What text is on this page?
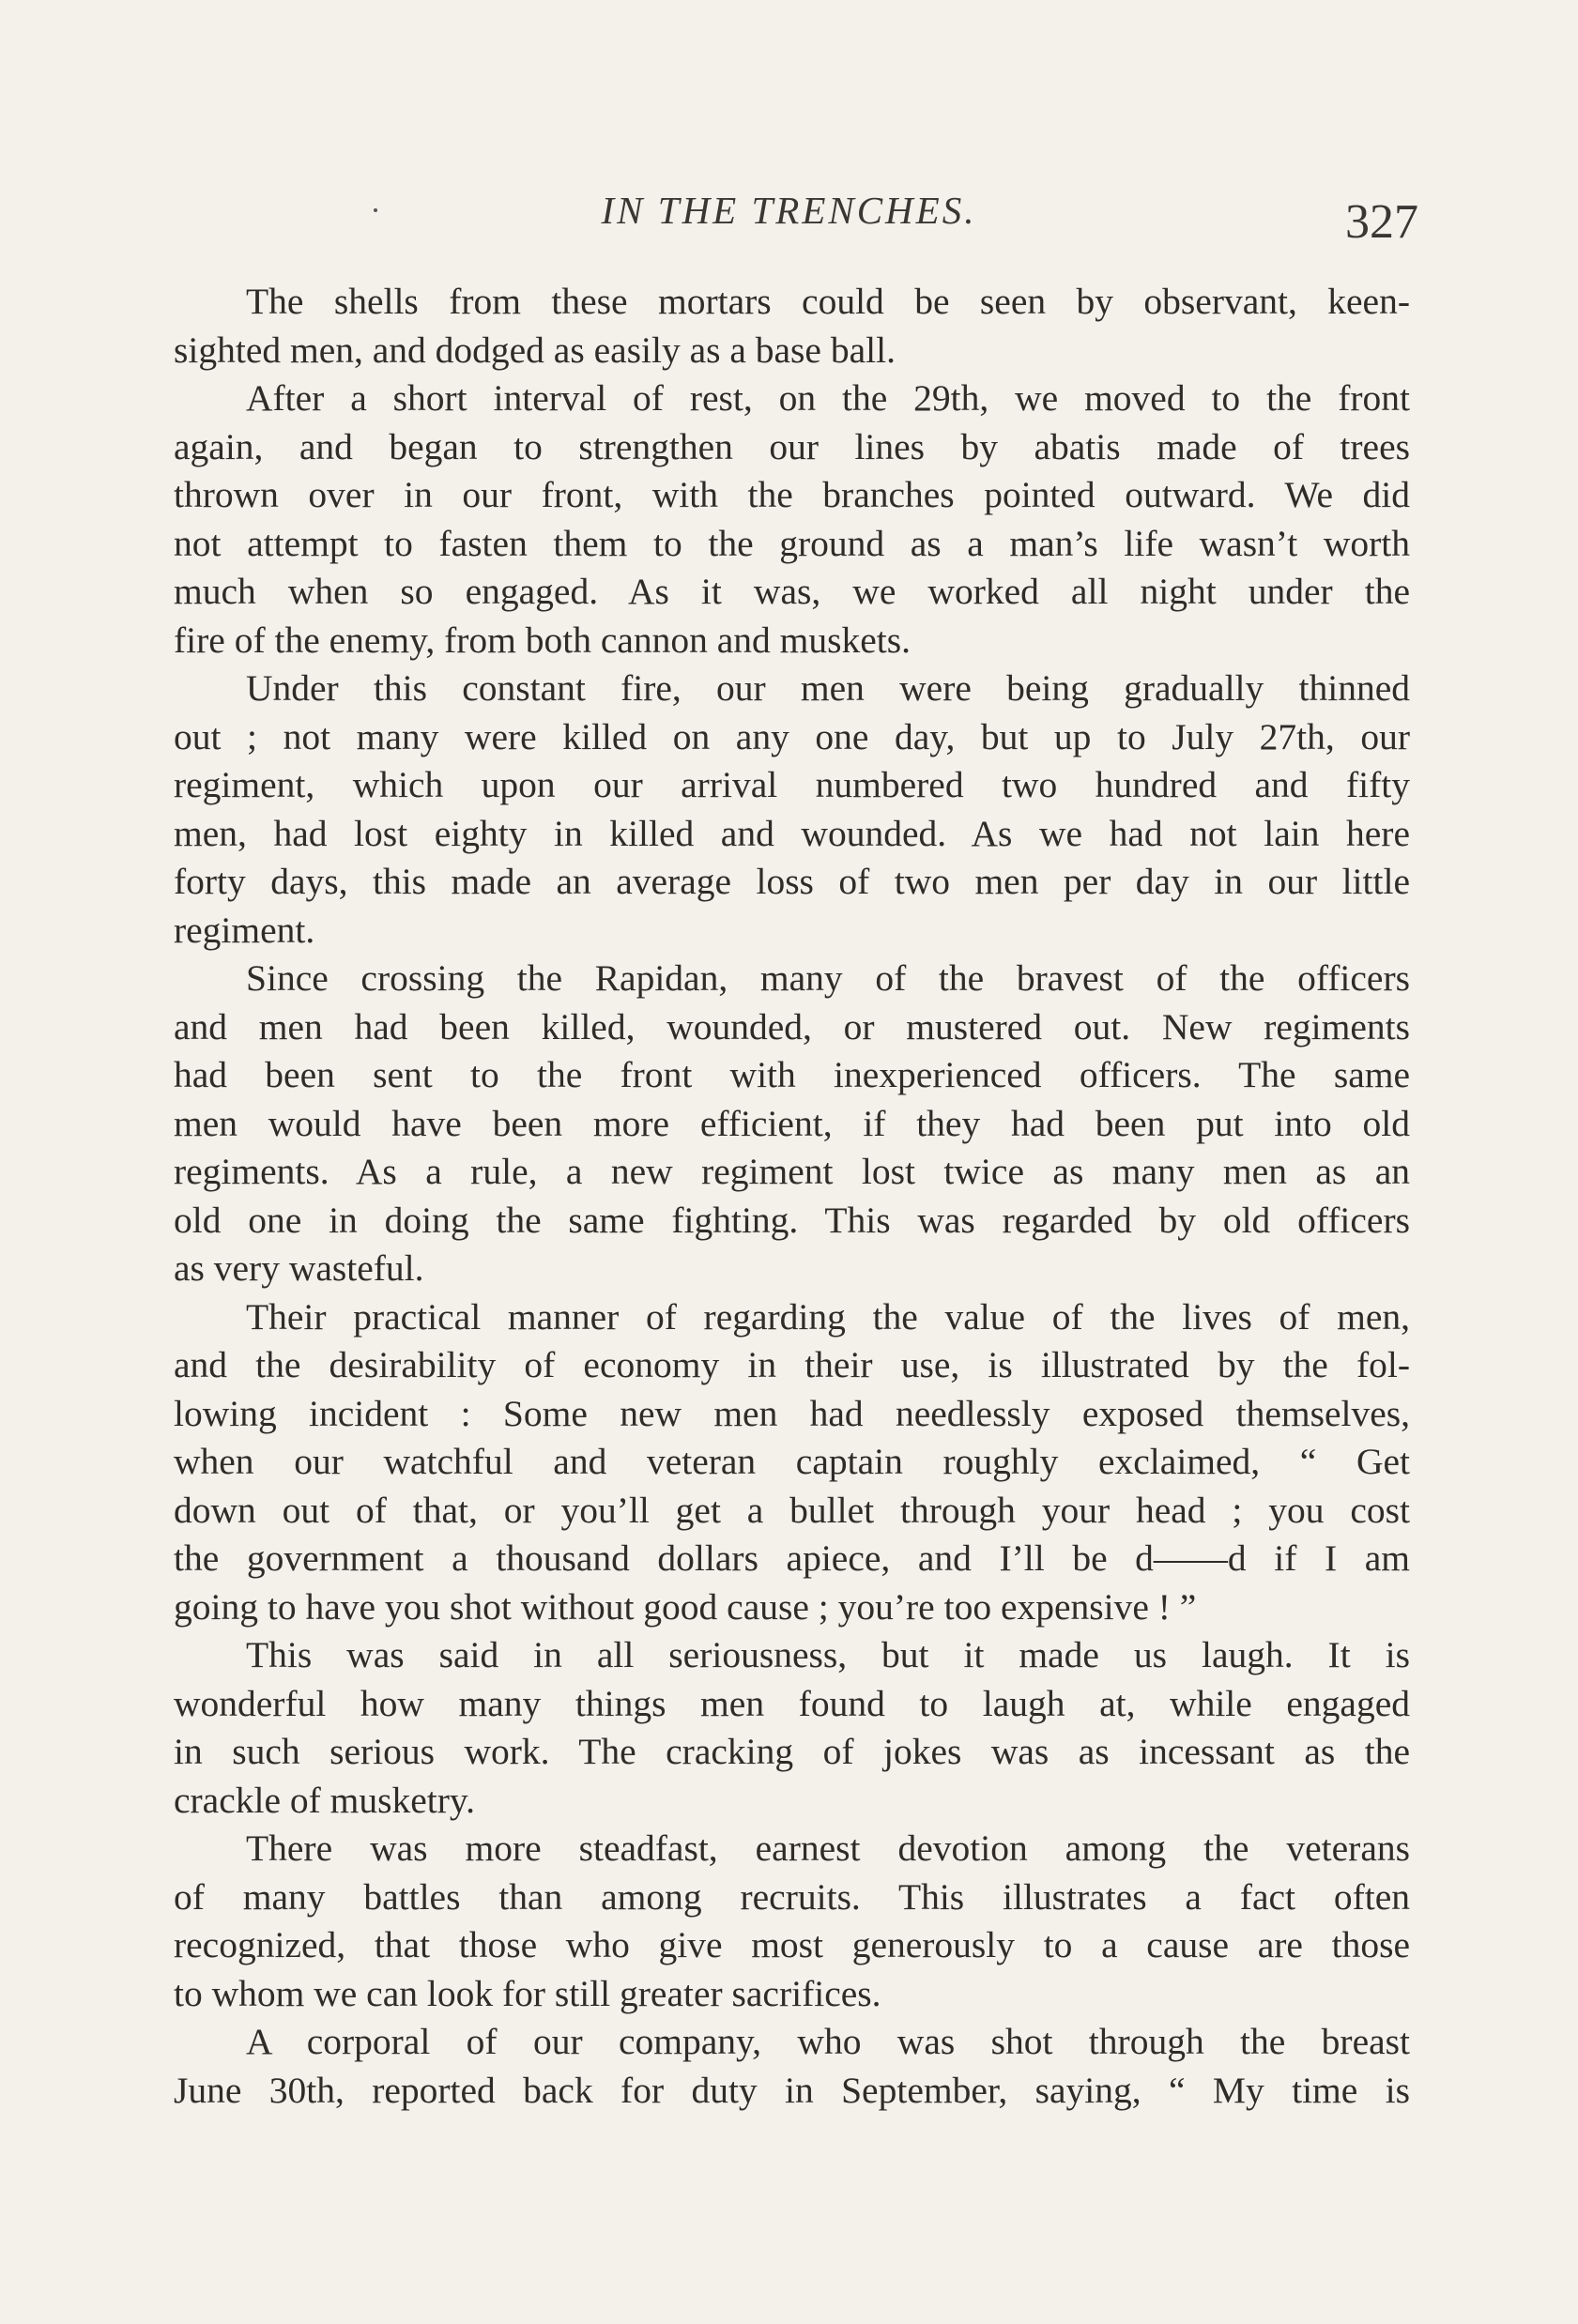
IN THE TRENCHES.	327
The shells from these mortars could be seen by observant, keen-
sighted men, and dodged as easily as a base ball.
After a short interval of rest, on the 29th, we moved to the front
again, and began to strengthen our lines by abatis made of trees
thrown over in our front, with the branches pointed outward. We did
not attempt to fasten them to the ground as a man’s life wasn’t worth
much when so engaged. As it was, we worked all night under the
fire of the enemy, from both cannon and muskets.
Under this constant fire, our men were being gradually thinned
out ; not many were killed on any one day, but up to July 27th, our
regiment, which upon our arrival numbered two hundred and fifty
men, had lost eighty in killed and wounded. As we had not lain here
forty days, this made an average loss of two men per day in our little
regiment.
Since crossing the Rapidan, many of the bravest of the officers
and men had been killed, wounded, or mustered out. New regiments
had been sent to the front with inexperienced officers. The same
men would have been more efficient, if they had been put into old
regiments. As a rule, a new regiment lost twice as many men as an
old one in doing the same fighting. This was regarded by old officers
as very wasteful.
Their practical manner of regarding the value of the lives of men,
and the desirability of economy in their use, is illustrated by the fol-
lowing incident : Some new men had needlessly exposed themselves,
when our watchful and veteran captain roughly exclaimed, “ Get
down out of that, or you’ll get a bullet through your head ; you cost
the government a thousand dollars apiece, and I’ll be d——d if I am
going to have you shot without good cause ; you’re too expensive ! ”
This was said in all seriousness, but it made us laugh. It is
wonderful how many things men found to laugh at, while engaged
in such serious work. The cracking of jokes was as incessant as the
crackle of musketry.
There was more steadfast, earnest devotion among the veterans
of many battles than among recruits. This illustrates a fact often
recognized, that those who give most generously to a cause are those
to whom we can look for still greater sacrifices.
A corporal of our company, who was shot through the breast
June 30th, reported back for duty in September, saying, “ My time is
